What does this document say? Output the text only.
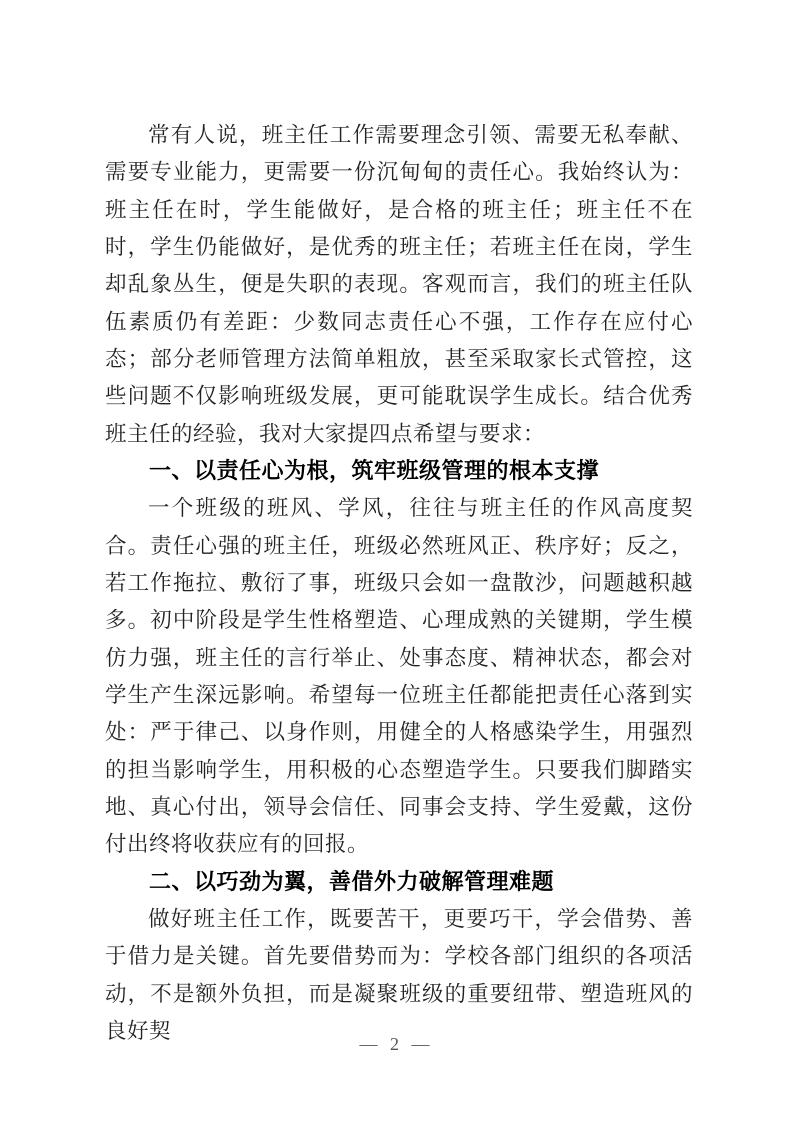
常有人说，班主任工作需要理念引领、需要无私奉献、需要专业能力，更需要一份沉甸甸的责任心。我始终认为：班主任在时，学生能做好，是合格的班主任；班主任不在时，学生仍能做好，是优秀的班主任；若班主任在岗，学生却乱象丛生，便是失职的表现。客观而言，我们的班主任队伍素质仍有差距：少数同志责任心不强，工作存在应付心态；部分老师管理方法简单粗放，甚至采取家长式管控，这些问题不仅影响班级发展，更可能耽误学生成长。结合优秀班主任的经验，我对大家提四点希望与要求：

一、以责任心为根，筑牢班级管理的根本支撑

一个班级的班风、学风，往往与班主任的作风高度契合。责任心强的班主任，班级必然班风正、秩序好；反之，若工作拖拉、敷衍了事，班级只会如一盘散沙，问题越积越多。初中阶段是学生性格塑造、心理成熟的关键期，学生模仿力强，班主任的言行举止、处事态度、精神状态，都会对学生产生深远影响。希望每一位班主任都能把责任心落到实处：严于律己、以身作则，用健全的人格感染学生，用强烈的担当影响学生，用积极的心态塑造学生。只要我们脚踏实地、真心付出，领导会信任、同事会支持、学生爱戴，这份付出终将收获应有的回报。

二、以巧劲为翼，善借外力破解管理难题

做好班主任工作，既要苦干，更要巧干，学会借势、善于借力是关键。首先要借势而为：学校各部门组织的各项活动，不是额外负担，而是凝聚班级的重要纽带、塑造班风的良好契

— 2 —
